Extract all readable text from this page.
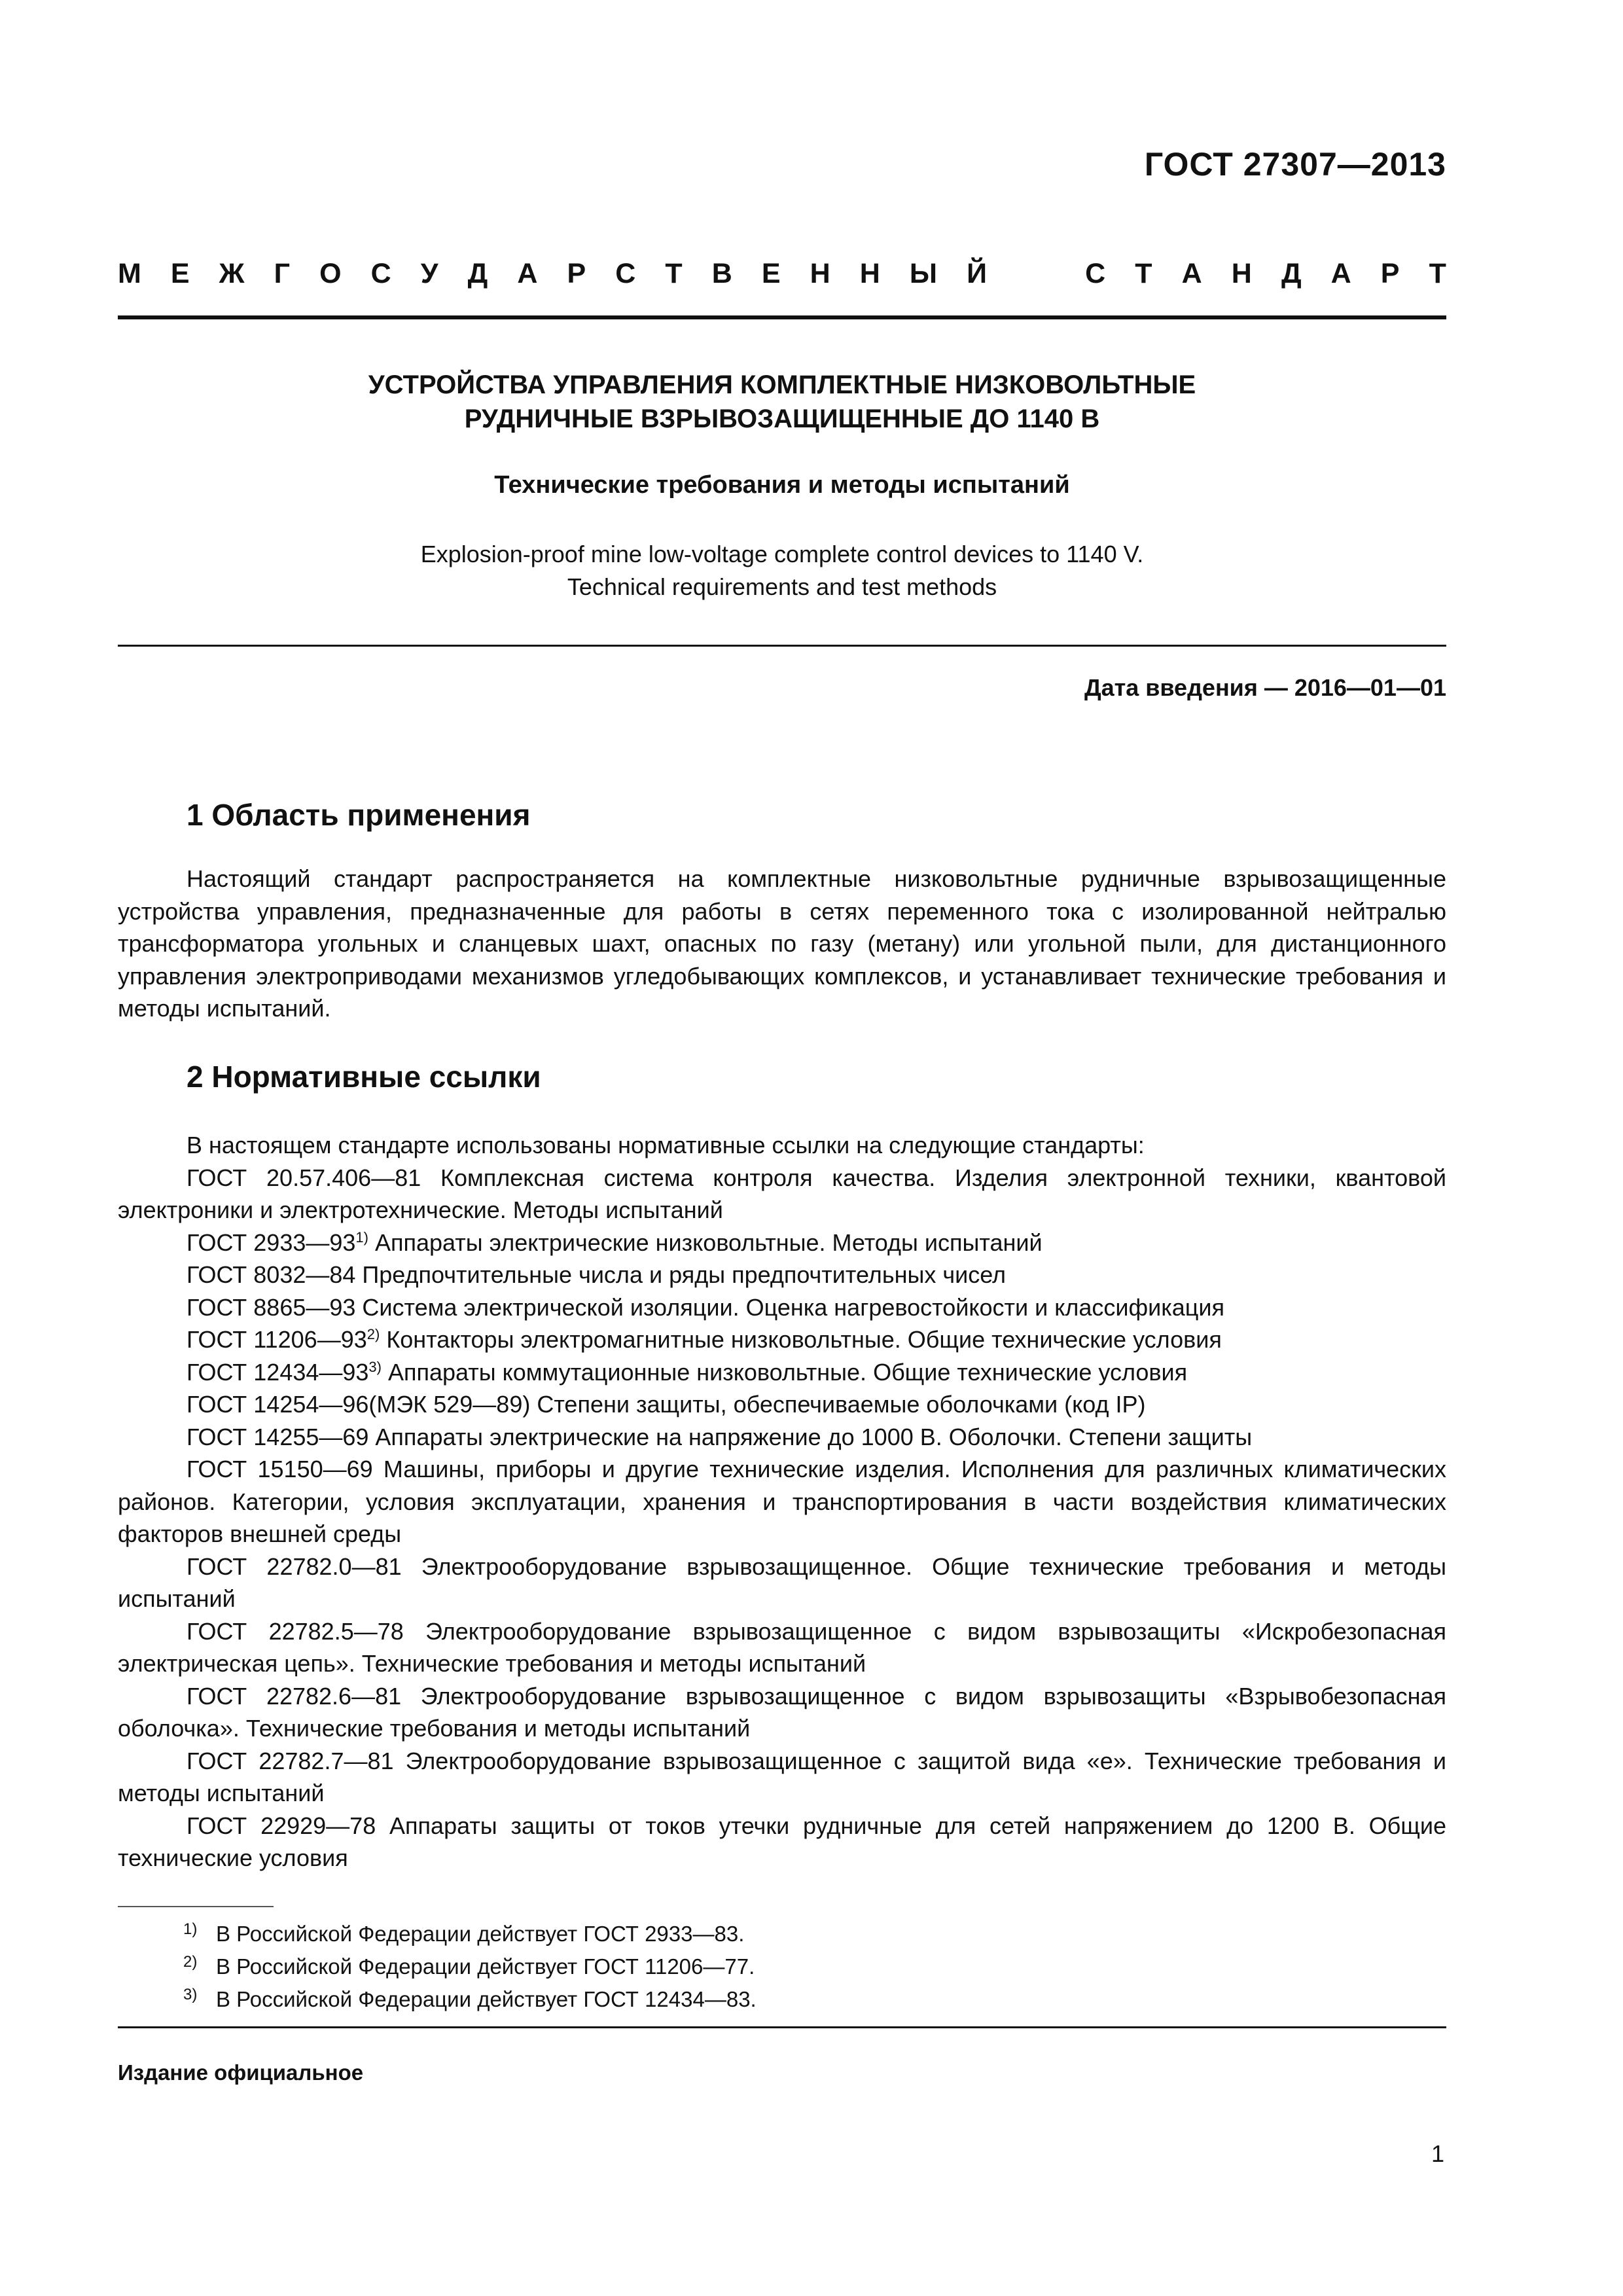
ГОСТ 27307—2013
М Е Ж Г О С У Д А Р С Т В Е Н Н Ы Й	С Т А Н Д А Р Т
УСТРОЙСТВА УПРАВЛЕНИЯ КОМПЛЕКТНЫЕ НИЗКОВОЛЬТНЫЕ
РУДНИЧНЫЕ ВЗРЫВОЗАЩИЩЕННЫЕ ДО 1140 В
Технические требования и методы испытаний
Explosion-proof mine low-voltage complete control devices to 1140 V.
Technical requirements and test methods
Дата введения — 2016—01—01
1 Область применения

Настоящий стандарт распространяется на комплектные низковольтные рудничные взрывозащищенные устройства управления, предназначенные для работы в сетях переменного тока с изолированной нейтралью трансформатора угольных и сланцевых шахт, опасных по газу (метану) или угольной пыли, для дистанционного управления электроприводами механизмов угледобывающих комплексов, и устанавливает технические требования и методы испытаний.

2 Нормативные ссылки

В настоящем стандарте использованы нормативные ссылки на следующие стандарты:

ГОСТ 20.57.406—81 Комплексная система контроля качества. Изделия электронной техники, квантовой электроники и электротехнические. Методы испытаний

ГОСТ 2933—93$^{1)}$ Аппараты электрические низковольтные. Методы испытаний

ГОСТ 8032—84 Предпочтительные числа и ряды предпочтительных чисел

ГОСТ 8865—93 Система электрической изоляции. Оценка нагревостойкости и классификация

ГОСТ 11206—93$^{2)}$ Контакторы электромагнитные низковольтные. Общие технические условия

ГОСТ 12434—93$^{3)}$ Аппараты коммутационные низковольтные. Общие технические условия

ГОСТ 14254—96(МЭК 529—89) Степени защиты, обеспечиваемые оболочками (код IP)

ГОСТ 14255—69 Аппараты электрические на напряжение до 1000 В. Оболочки. Степени защиты

ГОСТ 15150—69 Машины, приборы и другие технические изделия. Исполнения для различных климатических районов. Категории, условия эксплуатации, хранения и транспортирования в части воздействия климатических факторов внешней среды

ГОСТ 22782.0—81 Электрооборудование взрывозащищенное. Общие технические требования и методы испытаний

ГОСТ 22782.5—78 Электрооборудование взрывозащищенное с видом взрывозащиты «Искробезопасная электрическая цепь». Технические требования и методы испытаний

ГОСТ 22782.6—81 Электрооборудование взрывозащищенное с видом взрывозащиты «Взрывобезопасная оболочка». Технические требования и методы испытаний

ГОСТ 22782.7—81 Электрооборудование взрывозащищенное с защитой вида «е». Технические требования и методы испытаний

ГОСТ 22929—78 Аппараты защиты от токов утечки рудничные для сетей напряжением до 1200 В. Общие технические условия

1) В Российской Федерации действует ГОСТ 2933—83.
2) В Российской Федерации действует ГОСТ 11206—77.
3) В Российской Федерации действует ГОСТ 12434—83.
Издание официальное
1
